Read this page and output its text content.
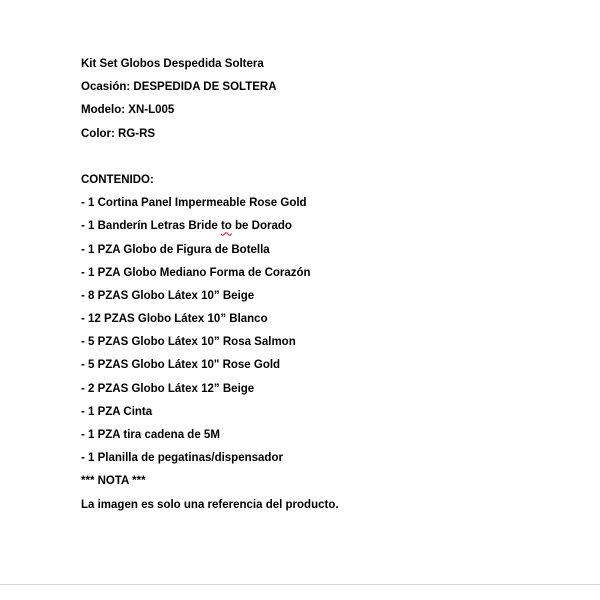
Kit Set Globos Despedida Soltera
Ocasión: DESPEDIDA DE SOLTERA
Modelo: XN-L005
Color: RG-RS
CONTENIDO:
- 1 Cortina Panel Impermeable Rose Gold
- 1 Banderín Letras Bride to be Dorado
- 1 PZA Globo de Figura de Botella
- 1 PZA Globo Mediano Forma de Corazón
- 8 PZAS Globo Látex 10” Beige
- 12 PZAS Globo Látex 10” Blanco
- 5 PZAS Globo Látex 10” Rosa Salmon
- 5 PZAS Globo Látex 10" Rose Gold
- 2 PZAS Globo Látex 12” Beige
- 1 PZA Cinta
- 1 PZA tira cadena de 5M
- 1 Planilla de pegatinas/dispensador
*** NOTA ***
La imagen es solo una referencia del producto.
